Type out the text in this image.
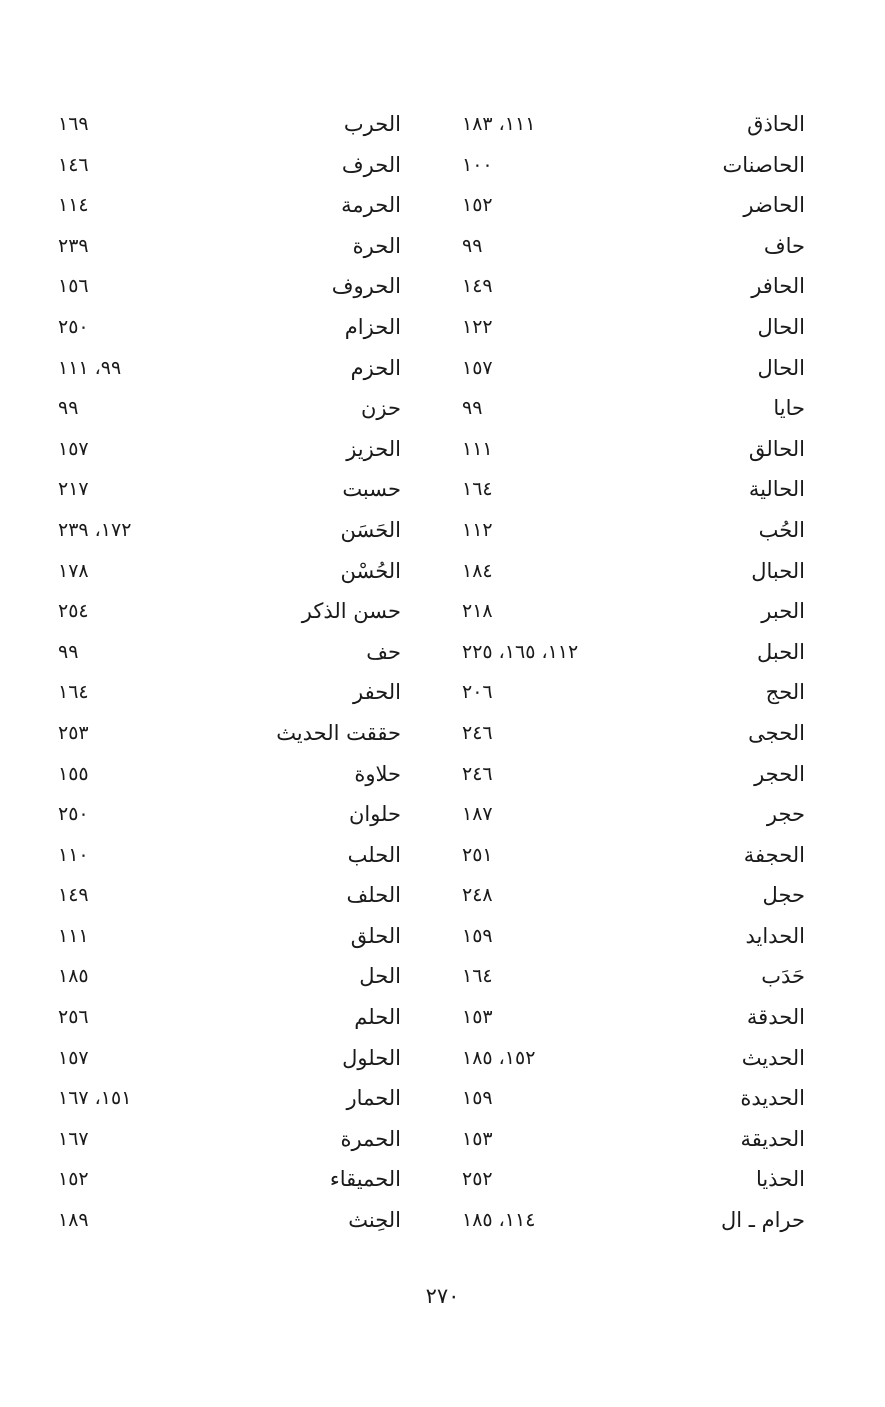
الحاذق
١١١، ١٨٣
الحرب
١٦٩
الحاصنات
١٠٠
الحرف
١٤٦
الحاضر
١٥٢
الحرمة
١١٤
حاف
٩٩
الحرة
٢٣٩
الحافر
١٤٩
الحروف
١٥٦
الحال
١٢٢
الحزام
٢٥٠
الحال
١٥٧
الحزم
٩٩، ١١١
حايا
٩٩
حزن
٩٩
الحالق
١١١
الحزيز
١٥٧
الحالية
١٦٤
حسبت
٢١٧
الحُب
١١٢
الحَسَن
١٧٢، ٢٣٩
الحبال
١٨٤
الحُسْن
١٧٨
الحبر
٢١٨
حسن الذكر
٢٥٤
الحبل
١١٢، ١٦٥، ٢٢٥
حف
٩٩
الحج
٢٠٦
الحفر
١٦٤
الحجى
٢٤٦
حققت الحديث
٢٥٣
الحجر
٢٤٦
حلاوة
١٥٥
حجر
١٨٧
حلوان
٢٥٠
الحجفة
٢٥١
الحلب
١١٠
حجل
٢٤٨
الحلف
١٤٩
الحدايد
١٥٩
الحلق
١١١
حَدَب
١٦٤
الحل
١٨٥
الحدقة
١٥٣
الحلم
٢٥٦
الحديث
١٥٢، ١٨٥
الحلول
١٥٧
الحديدة
١٥٩
الحمار
١٥١، ١٦٧
الحديقة
١٥٣
الحمرة
١٦٧
الحذيا
٢٥٢
الحميقاء
١٥٢
حرام ـ ال
١١٤، ١٨٥
الحِنث
١٨٩
٢٧٠
